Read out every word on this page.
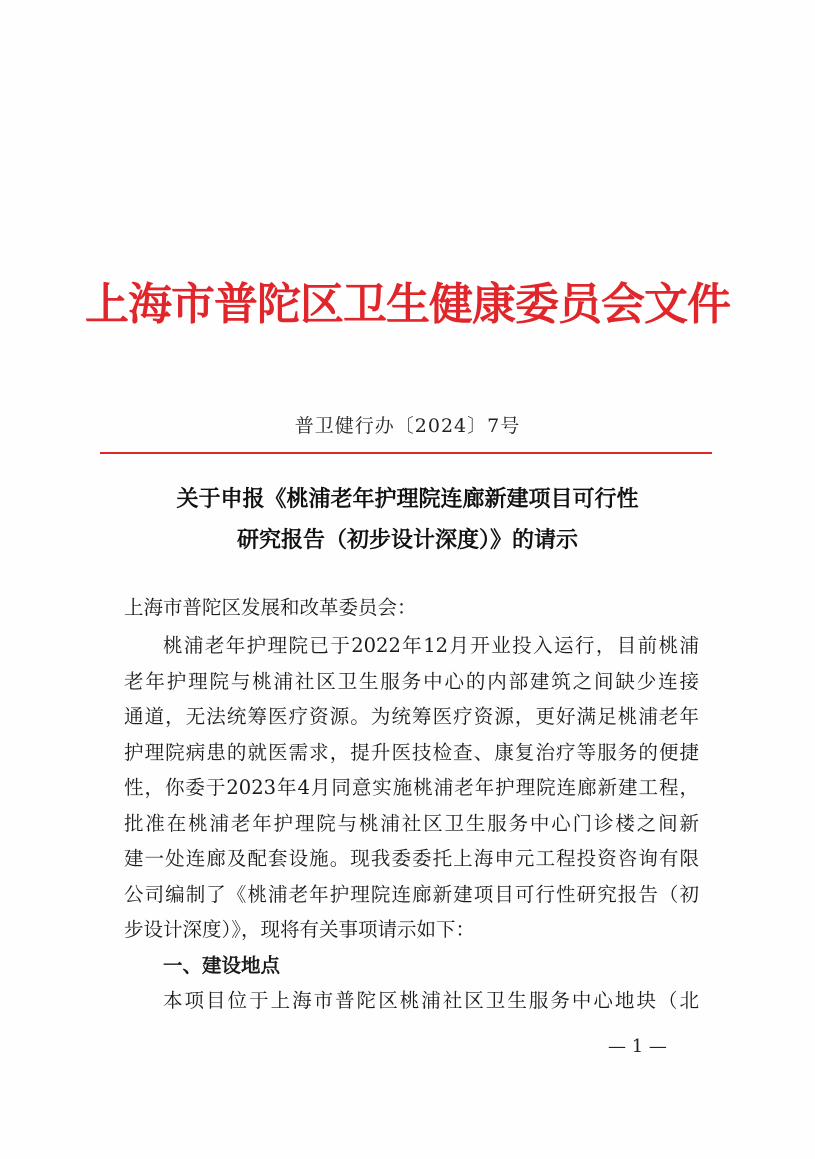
上海市普陀区卫生健康委员会文件
普卫健行办〔2024〕7号
关于申报《桃浦老年护理院连廊新建项目可行性
研究报告（初步设计深度）》的请示
上海市普陀区发展和改革委员会：
桃浦老年护理院已于2022年12月开业投入运行，目前桃浦
老年护理院与桃浦社区卫生服务中心的内部建筑之间缺少连接
通道，无法统筹医疗资源。为统筹医疗资源，更好满足桃浦老年
护理院病患的就医需求，提升医技检查、康复治疗等服务的便捷
性，你委于2023年4月同意实施桃浦老年护理院连廊新建工程，
批准在桃浦老年护理院与桃浦社区卫生服务中心门诊楼之间新
建一处连廊及配套设施。现我委委托上海申元工程投资咨询有限
公司编制了《桃浦老年护理院连廊新建项目可行性研究报告（初
一、建设地点
本项目位于上海市普陀区桃浦社区卫生服务中心地块（北
— 1 —
步设计深度）》，现将有关事项请示如下：
